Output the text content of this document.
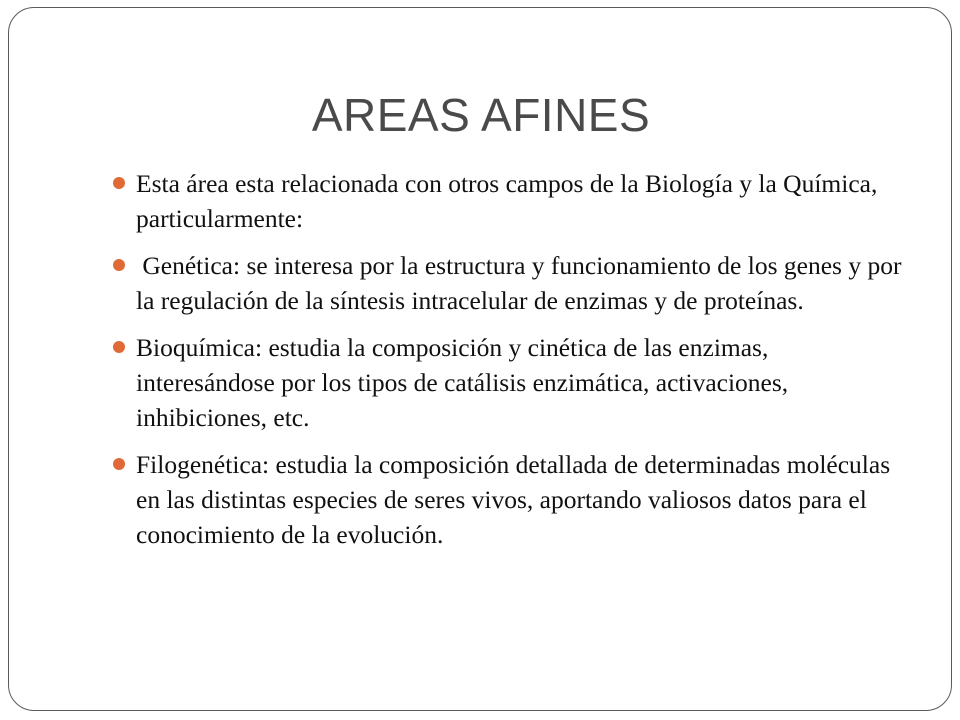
AREAS AFINES
Esta área esta relacionada con otros campos de la Biología y la Química, particularmente:
Genética: se interesa por la estructura y funcionamiento de los genes y por la regulación de la síntesis intracelular de enzimas y de proteínas.
Bioquímica: estudia la composición y cinética de las enzimas, interesándose por los tipos de catálisis enzimática, activaciones, inhibiciones, etc.
Filogenética: estudia la composición detallada de determinadas moléculas en las distintas especies de seres vivos, aportando valiosos datos para el conocimiento de la evolución.
